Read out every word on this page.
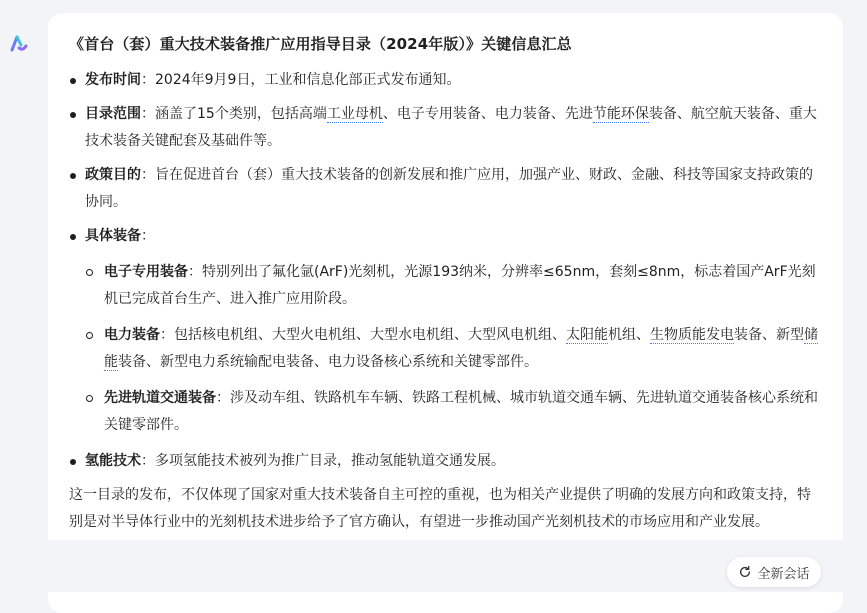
《首台（套）重大技术装备推广应用指导目录（2024年版）》关键信息汇总
发布时间：2024年9月9日，工业和信息化部正式发布通知。
目录范围：涵盖了15个类别，包括高端工业母机、电子专用装备、电力装备、先进节能环保装备、航空航天装备、重大技术装备关键配套及基础件等。
政策目的：旨在促进首台（套）重大技术装备的创新发展和推广应用，加强产业、财政、金融、科技等国家支持政策的协同。
具体装备：
电子专用装备：特别列出了氟化氩(ArF)光刻机，光源193纳米，分辨率≤65nm，套刻≤8nm，标志着国产ArF光刻机已完成首台生产、进入推广应用阶段。
电力装备：包括核电机组、大型火电机组、大型水电机组、大型风电机组、太阳能机组、生物质能发电装备、新型储能装备、新型电力系统输配电装备、电力设备核心系统和关键零部件。
先进轨道交通装备：涉及动车组、铁路机车车辆、铁路工程机械、城市轨道交通车辆、先进轨道交通装备核心系统和关键零部件。
氢能技术：多项氢能技术被列为推广目录，推动氢能轨道交通发展。
这一目录的发布，不仅体现了国家对重大技术装备自主可控的重视，也为相关产业提供了明确的发展方向和政策支持，特别是对半导体行业中的光刻机技术进步给予了官方确认，有望进一步推动国产光刻机技术的市场应用和产业发展。
全新会话
